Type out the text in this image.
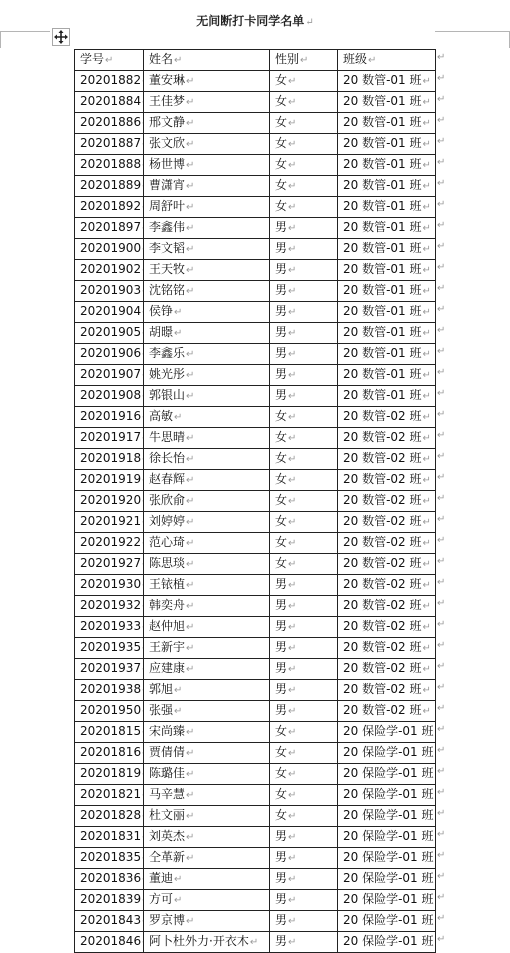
无间断打卡同学名单↵
学号↵	姓名↵	性别↵	班级↵
20201882	董安琳↵	女↵	20 数管-01 班↵
20201884	王佳梦↵	女↵	20 数管-01 班↵
20201886	邢文静↵	女↵	20 数管-01 班↵
20201887	张文欣↵	女↵	20 数管-01 班↵
20201888	杨世博↵	女↵	20 数管-01 班↵
20201889	曹潇宵↵	女↵	20 数管-01 班↵
20201892	周舒叶↵	女↵	20 数管-01 班↵
20201897	李鑫伟↵	男↵	20 数管-01 班↵
20201900	李文韬↵	男↵	20 数管-01 班↵
20201902	王天牧↵	男↵	20 数管-01 班↵
20201903	沈铭铭↵	男↵	20 数管-01 班↵
20201904	侯铮↵	男↵	20 数管-01 班↵
20201905	胡暻↵	男↵	20 数管-01 班↵
20201906	李鑫乐↵	男↵	20 数管-01 班↵
20201907	姚光彤↵	男↵	20 数管-01 班↵
20201908	郭银山↵	男↵	20 数管-01 班↵
20201916	高敏↵	女↵	20 数管-02 班↵
20201917	牛思晴↵	女↵	20 数管-02 班↵
20201918	徐长怡↵	女↵	20 数管-02 班↵
20201919	赵春辉↵	女↵	20 数管-02 班↵
20201920	张欣俞↵	女↵	20 数管-02 班↵
20201921	刘婷婷↵	女↵	20 数管-02 班↵
20201922	范心琦↵	女↵	20 数管-02 班↵
20201927	陈思琰↵	女↵	20 数管-02 班↵
20201930	王铱植↵	男↵	20 数管-02 班↵
20201932	韩奕舟↵	男↵	20 数管-02 班↵
20201933	赵仲旭↵	男↵	20 数管-02 班↵
20201935	王新宇↵	男↵	20 数管-02 班↵
20201937	应建康↵	男↵	20 数管-02 班↵
20201938	郭旭↵	男↵	20 数管-02 班↵
20201950	张强↵	男↵	20 数管-02 班↵
20201815	宋尚臻↵	女↵	20 保险学-01 班
20201816	贾倩倩↵	女↵	20 保险学-01 班
20201819	陈璐佳↵	女↵	20 保险学-01 班
20201821	马辛慧↵	女↵	20 保险学-01 班
20201828	杜文丽↵	女↵	20 保险学-01 班
20201831	刘英杰↵	男↵	20 保险学-01 班
20201835	仝革新↵	男↵	20 保险学-01 班
20201836	董迪↵	男↵	20 保险学-01 班
20201839	方可↵	男↵	20 保险学-01 班
20201843	罗京博↵	男↵	20 保险学-01 班
20201846	阿卜杜外力·开衣木↵	男↵	20 保险学-01 班
↵
↵
↵
↵
↵
↵
↵
↵
↵
↵
↵
↵
↵
↵
↵
↵
↵
↵
↵
↵
↵
↵
↵
↵
↵
↵
↵
↵
↵
↵
↵
↵
↵
↵
↵
↵
↵
↵
↵
↵
↵
↵
↵
